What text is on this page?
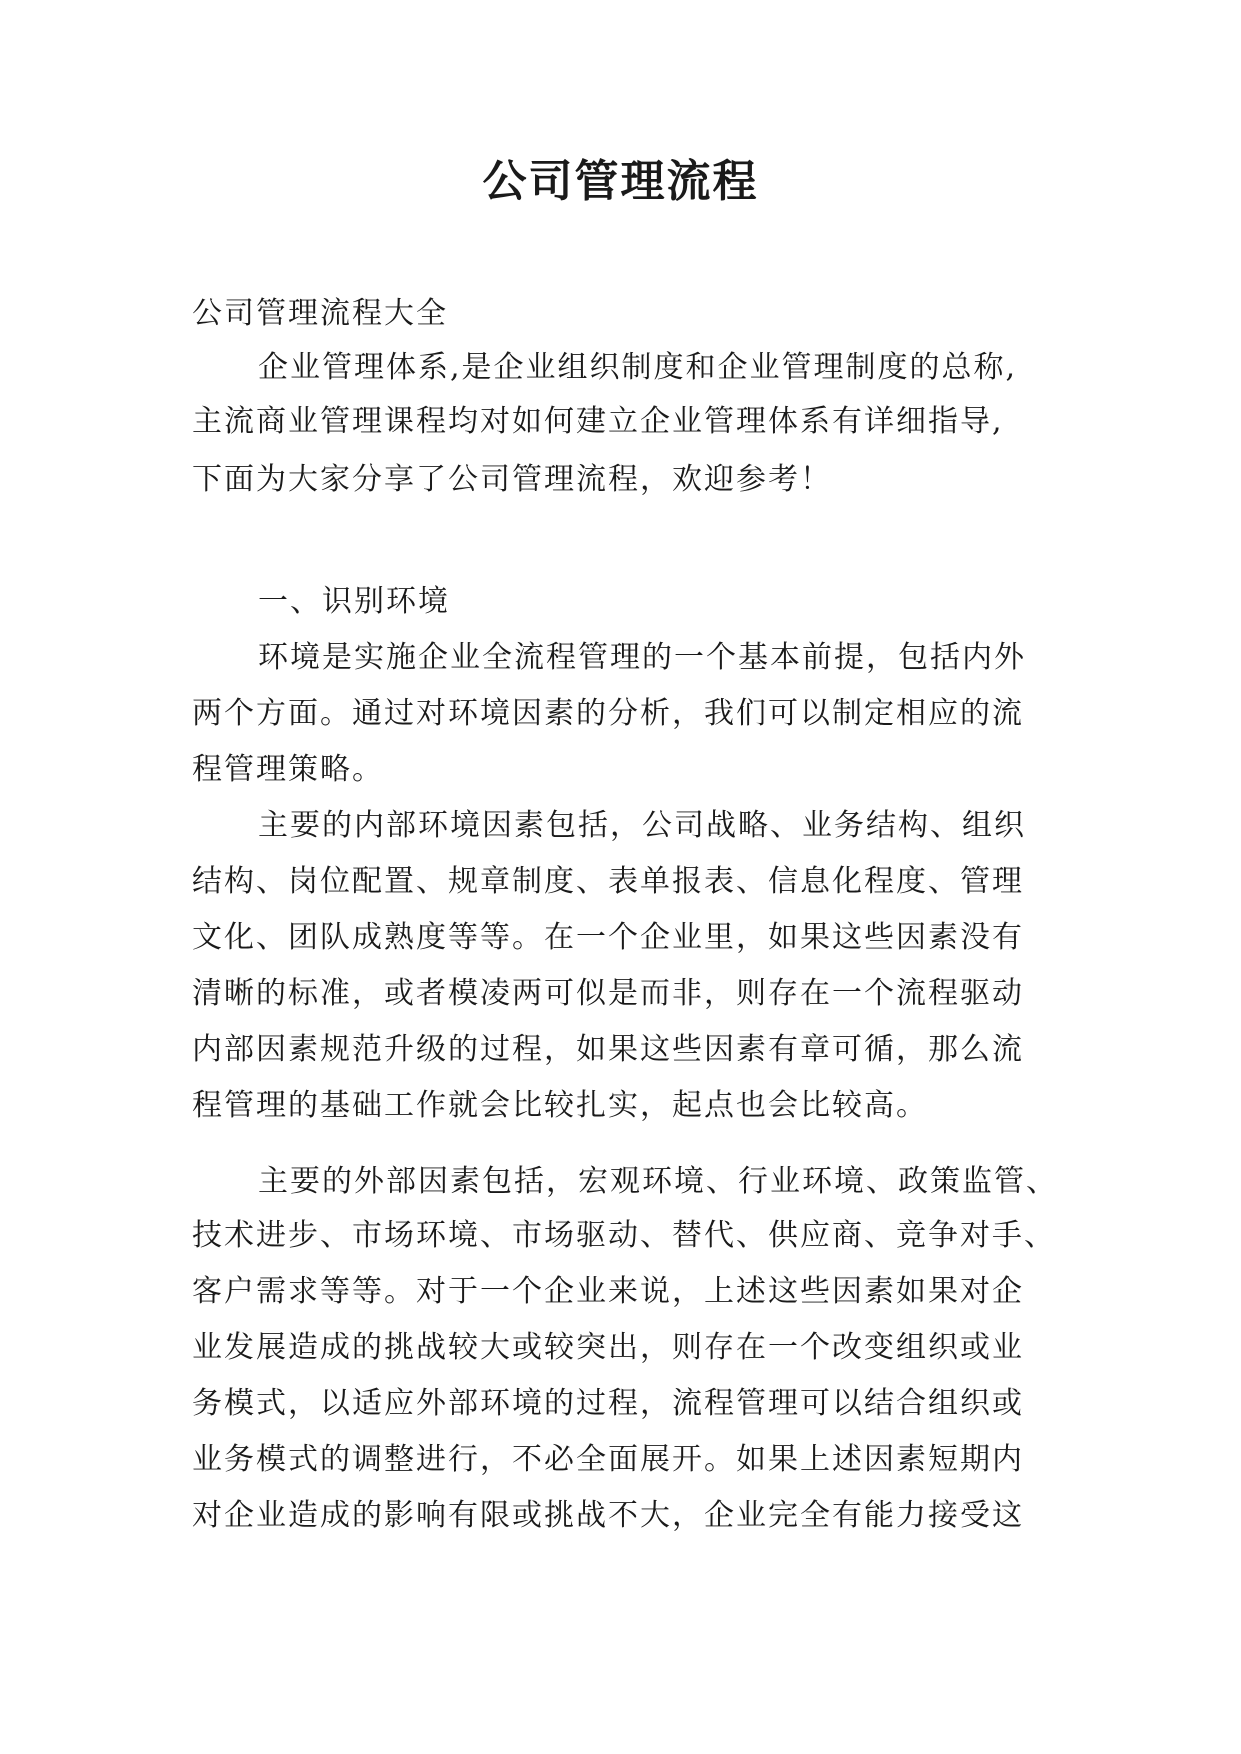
公司管理流程
公司管理流程大全
企业管理体系,是企业组织制度和企业管理制度的总称,
主流商业管理课程均对如何建立企业管理体系有详细指导,
下面为大家分享了公司管理流程，欢迎参考！
一、识别环境
环境是实施企业全流程管理的一个基本前提，包括内外
两个方面。通过对环境因素的分析，我们可以制定相应的流
程管理策略。
主要的内部环境因素包括，公司战略、业务结构、组织
结构、岗位配置、规章制度、表单报表、信息化程度、管理
文化、团队成熟度等等。在一个企业里，如果这些因素没有
清晰的标准，或者模凌两可似是而非，则存在一个流程驱动
内部因素规范升级的过程，如果这些因素有章可循，那么流
程管理的基础工作就会比较扎实，起点也会比较高。
主要的外部因素包括，宏观环境、行业环境、政策监管、
技术进步、市场环境、市场驱动、替代、供应商、竞争对手、
客户需求等等。对于一个企业来说，上述这些因素如果对企
业发展造成的挑战较大或较突出，则存在一个改变组织或业
务模式，以适应外部环境的过程，流程管理可以结合组织或
业务模式的调整进行，不必全面展开。如果上述因素短期内
对企业造成的影响有限或挑战不大，企业完全有能力接受这
